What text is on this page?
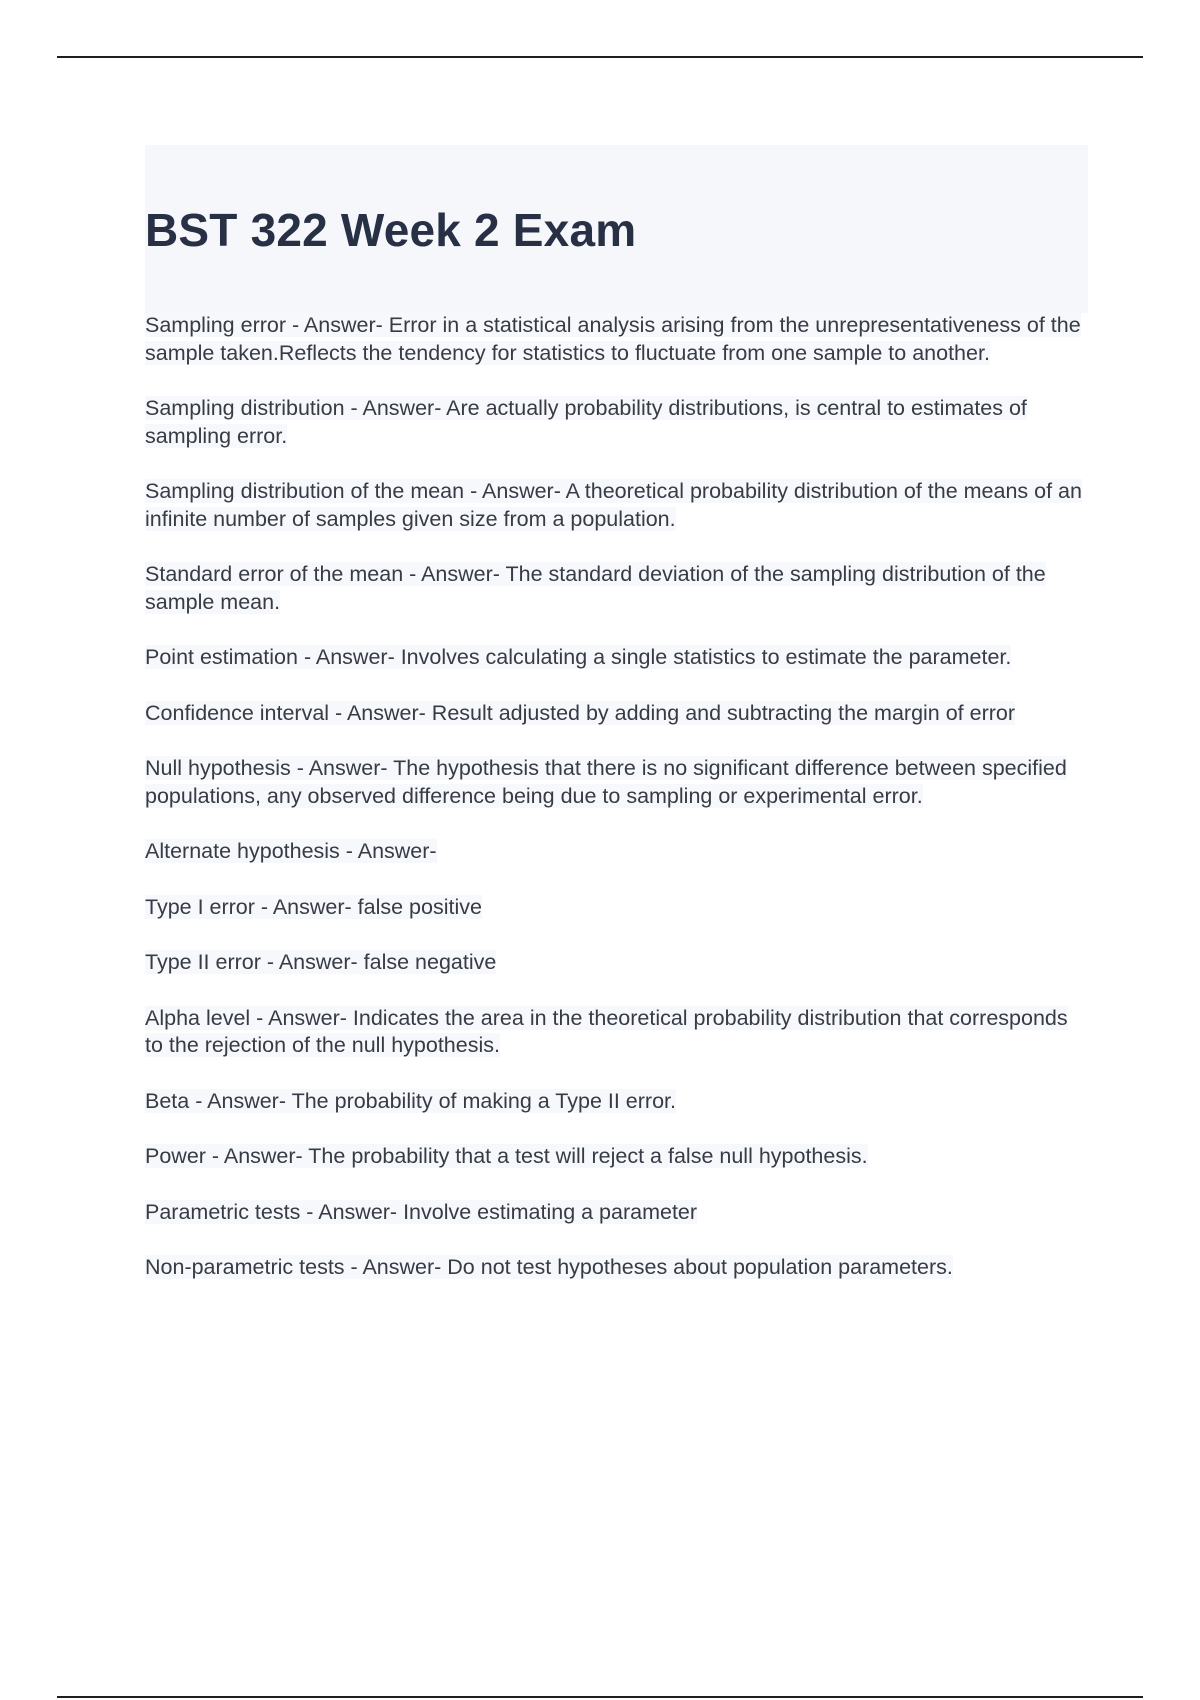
BST 322 Week 2 Exam
Sampling error - Answer- Error in a statistical analysis arising from the unrepresentativeness of the sample taken.Reflects the tendency for statistics to fluctuate from one sample to another.
Sampling distribution - Answer- Are actually probability distributions, is central to estimates of sampling error.
Sampling distribution of the mean - Answer- A theoretical probability distribution of the means of an infinite number of samples given size from a population.
Standard error of the mean - Answer- The standard deviation of the sampling distribution of the sample mean.
Point estimation - Answer- Involves calculating a single statistics to estimate the parameter.
Confidence interval - Answer- Result adjusted by adding and subtracting the margin of error
Null hypothesis - Answer- The hypothesis that there is no significant difference between specified populations, any observed difference being due to sampling or experimental error.
Alternate hypothesis - Answer-
Type I error - Answer- false positive
Type II error - Answer- false negative
Alpha level - Answer- Indicates the area in the theoretical probability distribution that corresponds to the rejection of the null hypothesis.
Beta - Answer- The probability of making a Type II error.
Power - Answer- The probability that a test will reject a false null hypothesis.
Parametric tests - Answer- Involve estimating a parameter
Non-parametric tests - Answer- Do not test hypotheses about population parameters.
